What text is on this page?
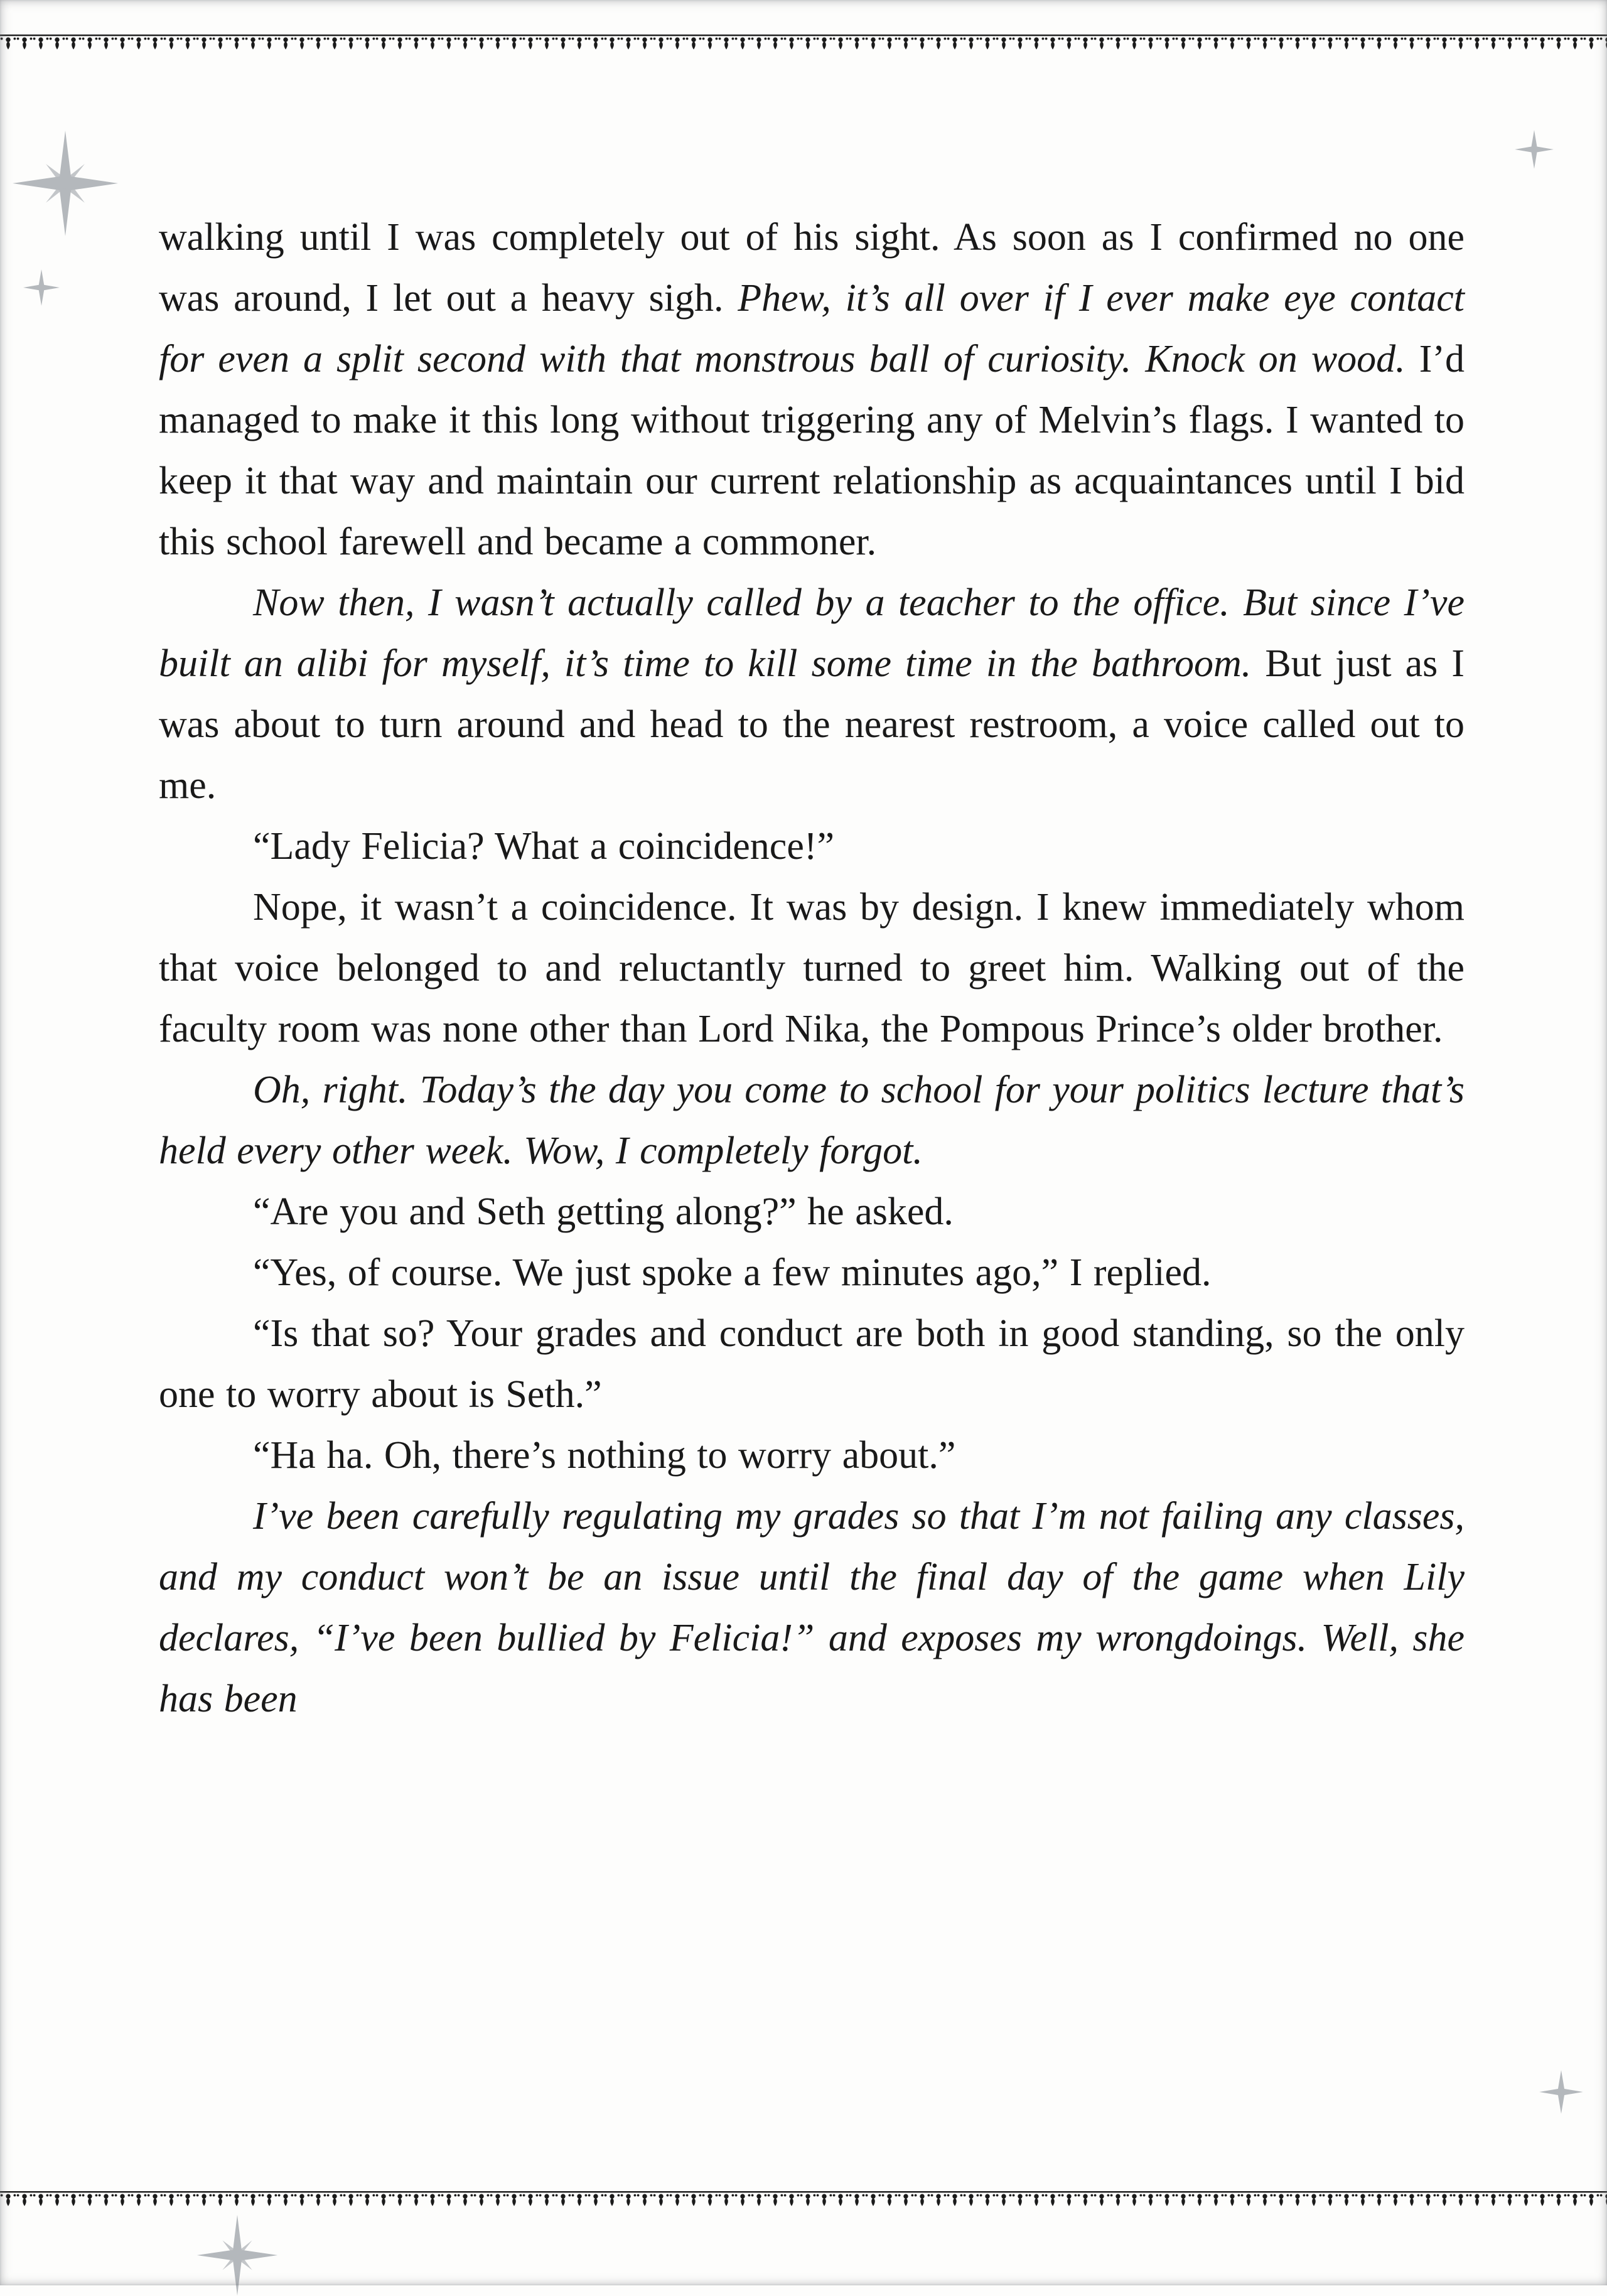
walking until I was completely out of his sight. As soon as I confirmed no one was around, I let out a heavy sigh. Phew, it’s all over if I ever make eye contact for even a split second with that monstrous ball of curiosity. Knock on wood. I’d managed to make it this long without triggering any of Melvin’s flags. I wanted to keep it that way and maintain our current relationship as acquaintances until I bid this school farewell and became a commoner.

Now then, I wasn’t actually called by a teacher to the office. But since I’ve built an alibi for myself, it’s time to kill some time in the bathroom. But just as I was about to turn around and head to the nearest restroom, a voice called out to me.

“Lady Felicia? What a coincidence!”

Nope, it wasn’t a coincidence. It was by design. I knew immediately whom that voice belonged to and reluctantly turned to greet him. Walking out of the faculty room was none other than Lord Nika, the Pompous Prince’s older brother.

Oh, right. Today’s the day you come to school for your politics lecture that’s held every other week. Wow, I completely forgot.

“Are you and Seth getting along?” he asked.

“Yes, of course. We just spoke a few minutes ago,” I replied.

“Is that so? Your grades and conduct are both in good standing, so the only one to worry about is Seth.”

“Ha ha. Oh, there’s nothing to worry about.”

I’ve been carefully regulating my grades so that I’m not failing any classes, and my conduct won’t be an issue until the final day of the game when Lily declares, “I’ve been bullied by Felicia!” and exposes my wrongdoings. Well, she has been
